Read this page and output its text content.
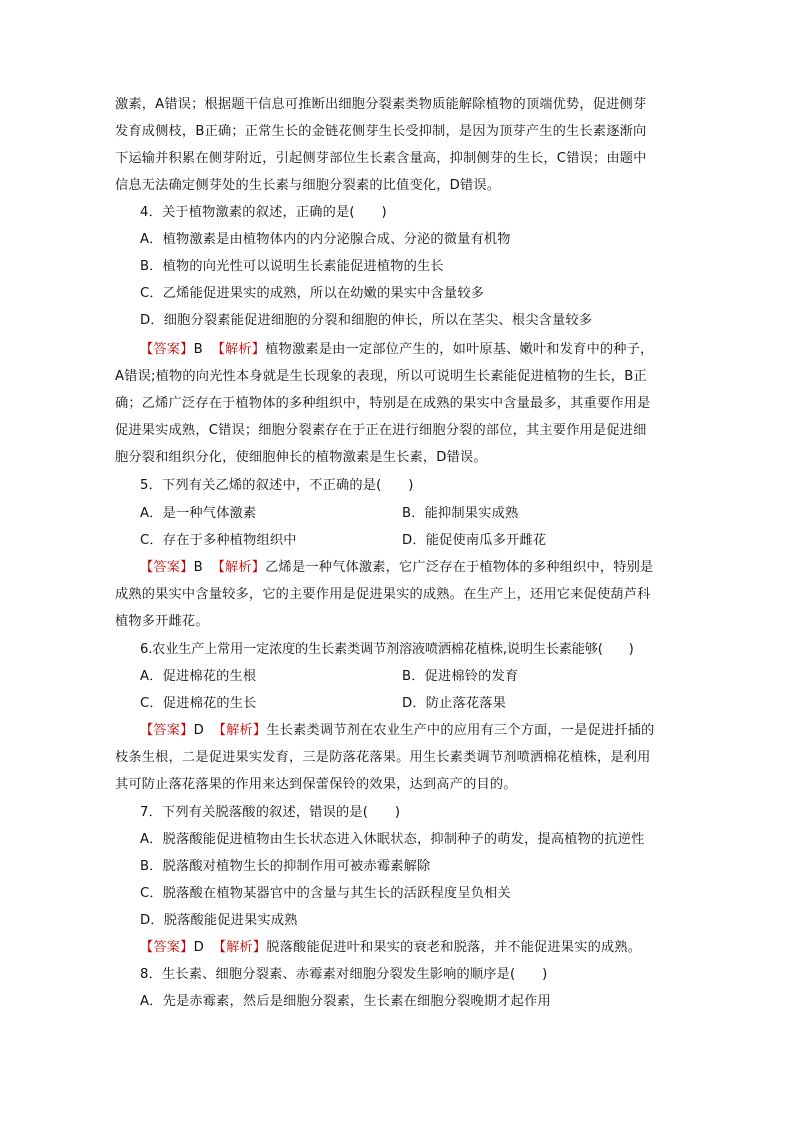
激素，A错误；根据题干信息可推断出细胞分裂素类物质能解除植物的顶端优势，促进侧芽
发育成侧枝，B正确；正常生长的金链花侧芽生长受抑制，是因为顶芽产生的生长素逐渐向
下运输并积累在侧芽附近，引起侧芽部位生长素含量高，抑制侧芽的生长，C错误；由题中
信息无法确定侧芽处的生长素与细胞分裂素的比值变化，D错误。
4．关于植物激素的叙述，正确的是(　　)
A．植物激素是由植物体内的内分泌腺合成、分泌的微量有机物
B．植物的向光性可以说明生长素能促进植物的生长
C．乙烯能促进果实的成熟，所以在幼嫩的果实中含量较多
D．细胞分裂素能促进细胞的分裂和细胞的伸长，所以在茎尖、根尖含量较多
【答案】B 【解析】植物激素是由一定部位产生的，如叶原基、嫩叶和发育中的种子，
A错误;植物的向光性本身就是生长现象的表现，所以可说明生长素能促进植物的生长，B正
确；乙烯广泛存在于植物体的多种组织中，特别是在成熟的果实中含量最多，其重要作用是
促进果实成熟，C错误；细胞分裂素存在于正在进行细胞分裂的部位，其主要作用是促进细
胞分裂和组织分化，使细胞伸长的植物激素是生长素，D错误。
5．下列有关乙烯的叙述中，不正确的是(　　)
A．是一种气体激素	B．能抑制果实成熟
C．存在于多种植物组织中	D．能促使南瓜多开雌花
【答案】B 【解析】乙烯是一种气体激素，它广泛存在于植物体的多种组织中，特别是
成熟的果实中含量较多，它的主要作用是促进果实的成熟。在生产上，还用它来促使葫芦科
植物多开雌花。
6.农业生产上常用一定浓度的生长素类调节剂溶液喷洒棉花植株,说明生长素能够(　　)
A．促进棉花的生根	B．促进棉铃的发育
C．促进棉花的生长	D．防止落花落果
【答案】D 【解析】生长素类调节剂在农业生产中的应用有三个方面，一是促进扦插的
枝条生根，二是促进果实发育，三是防落花落果。用生长素类调节剂喷洒棉花植株，是利用
其可防止落花落果的作用来达到保蕾保铃的效果，达到高产的目的。
7．下列有关脱落酸的叙述，错误的是(　　)
A．脱落酸能促进植物由生长状态进入休眠状态，抑制种子的萌发，提高植物的抗逆性
B．脱落酸对植物生长的抑制作用可被赤霉素解除
C．脱落酸在植物某器官中的含量与其生长的活跃程度呈负相关
D．脱落酸能促进果实成熟
【答案】D 【解析】脱落酸能促进叶和果实的衰老和脱落，并不能促进果实的成熟。
8．生长素、细胞分裂素、赤霉素对细胞分裂发生影响的顺序是(　　)
A．先是赤霉素，然后是细胞分裂素，生长素在细胞分裂晚期才起作用
